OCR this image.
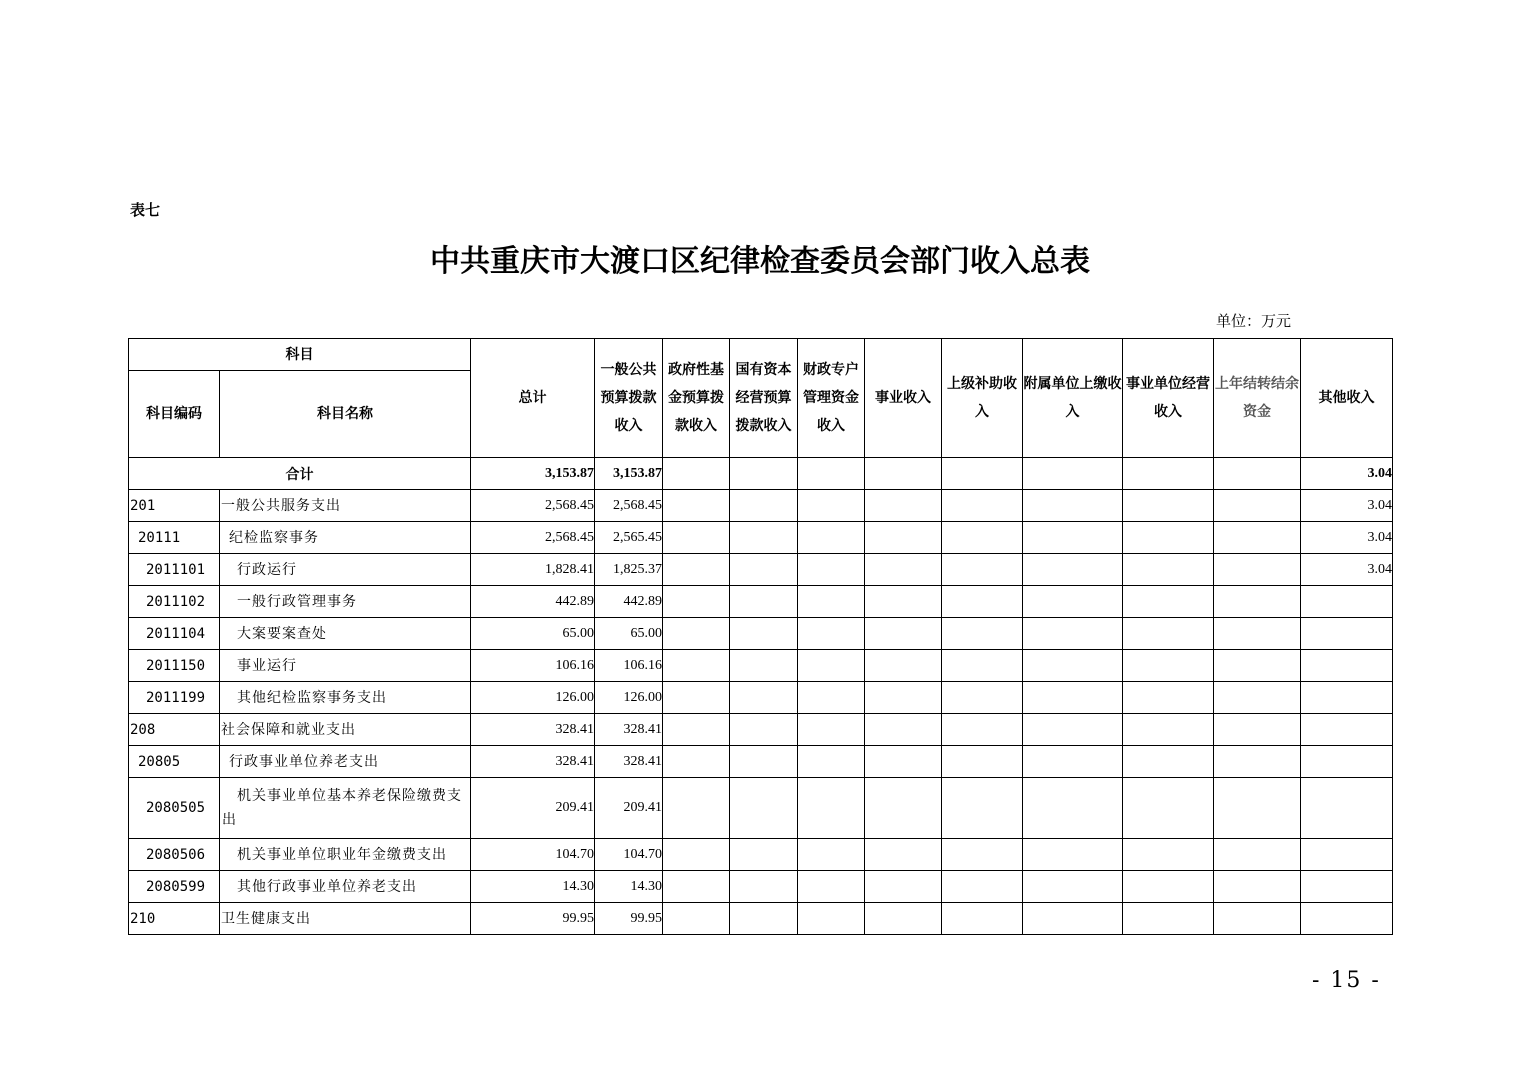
表七
中共重庆市大渡口区纪律检查委员会部门收入总表
单位：万元
科目		总计	一般公共预算拨款收入	政府性基金预算拨款收入	国有资本经营预算拨款收入	财政专户管理资金收入	事业收入	上级补助收入	附属单位上缴收入	事业单位经营收入	上年结转结余资金	其他收入
科目编码	科目名称											
合计		3,153.87	3,153.87									3.04
201	一般公共服务支出	2,568.45	2,568.45									3.04
20111	纪检监察事务	2,568.45	2,565.45									3.04
2011101	行政运行	1,828.41	1,825.37									3.04
2011102	一般行政管理事务	442.89	442.89									
2011104	大案要案查处	65.00	65.00									
2011150	事业运行	106.16	106.16									
2011199	其他纪检监察事务支出	126.00	126.00									
208	社会保障和就业支出	328.41	328.41									
20805	行政事业单位养老支出	328.41	328.41									
2080505	机关事业单位基本养老保险缴费支出	209.41	209.41									
2080506	机关事业单位职业年金缴费支出	104.70	104.70									
2080599	其他行政事业单位养老支出	14.30	14.30									
210	卫生健康支出	99.95	99.95									
- 15 -
